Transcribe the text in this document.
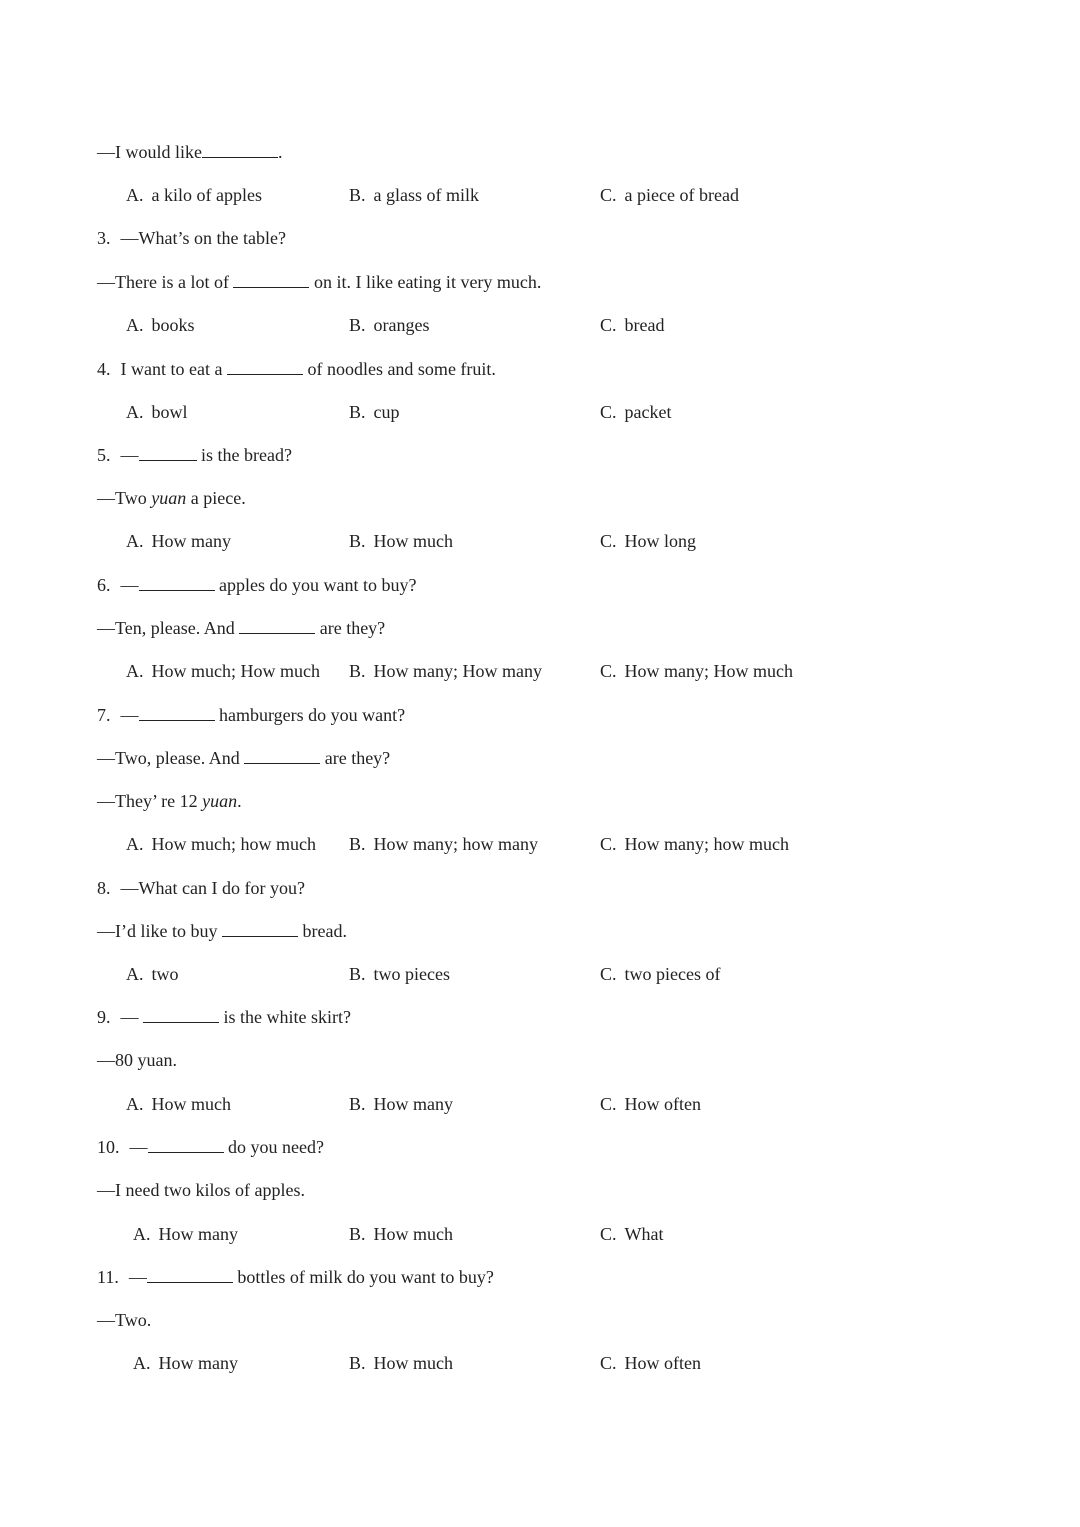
—I would like	.
A. a kilo of apples	B. a glass of milk	C. a piece of bread
3. —What’s on the table?
—There is a lot of	on it. I like eating it very much.
A. books	B. oranges	C. bread
4. I want to eat a	of noodles and some fruit.
A. bowl	B. cup	C. packet
5. —	is the bread?
—Two yuan a piece.
A. How many	B. How much	C. How long
6. —	apples do you want to buy?
—Ten, please. And	are they?
A. How much; How much B. How many; How many	C. How many; How much
7. —	hamburgers do you want?
—Two, please. And	are they?
—They’ re 12 yuan.
A. How much; how much B. How many; how many	C. How many; how much
8. —What can I do for you?
—I’d like to buy	bread.
A. two	B. two pieces	C. two pieces of
9. —	is the white skirt?
—80 yuan.
A. How much	B. How many	C. How often
10. —	do you need?
—I need two kilos of apples.
A. How many	B. How much	C. What
11. —	bottles of milk do you want to buy?
—Two.
A. How many	B. How much	C. How often
